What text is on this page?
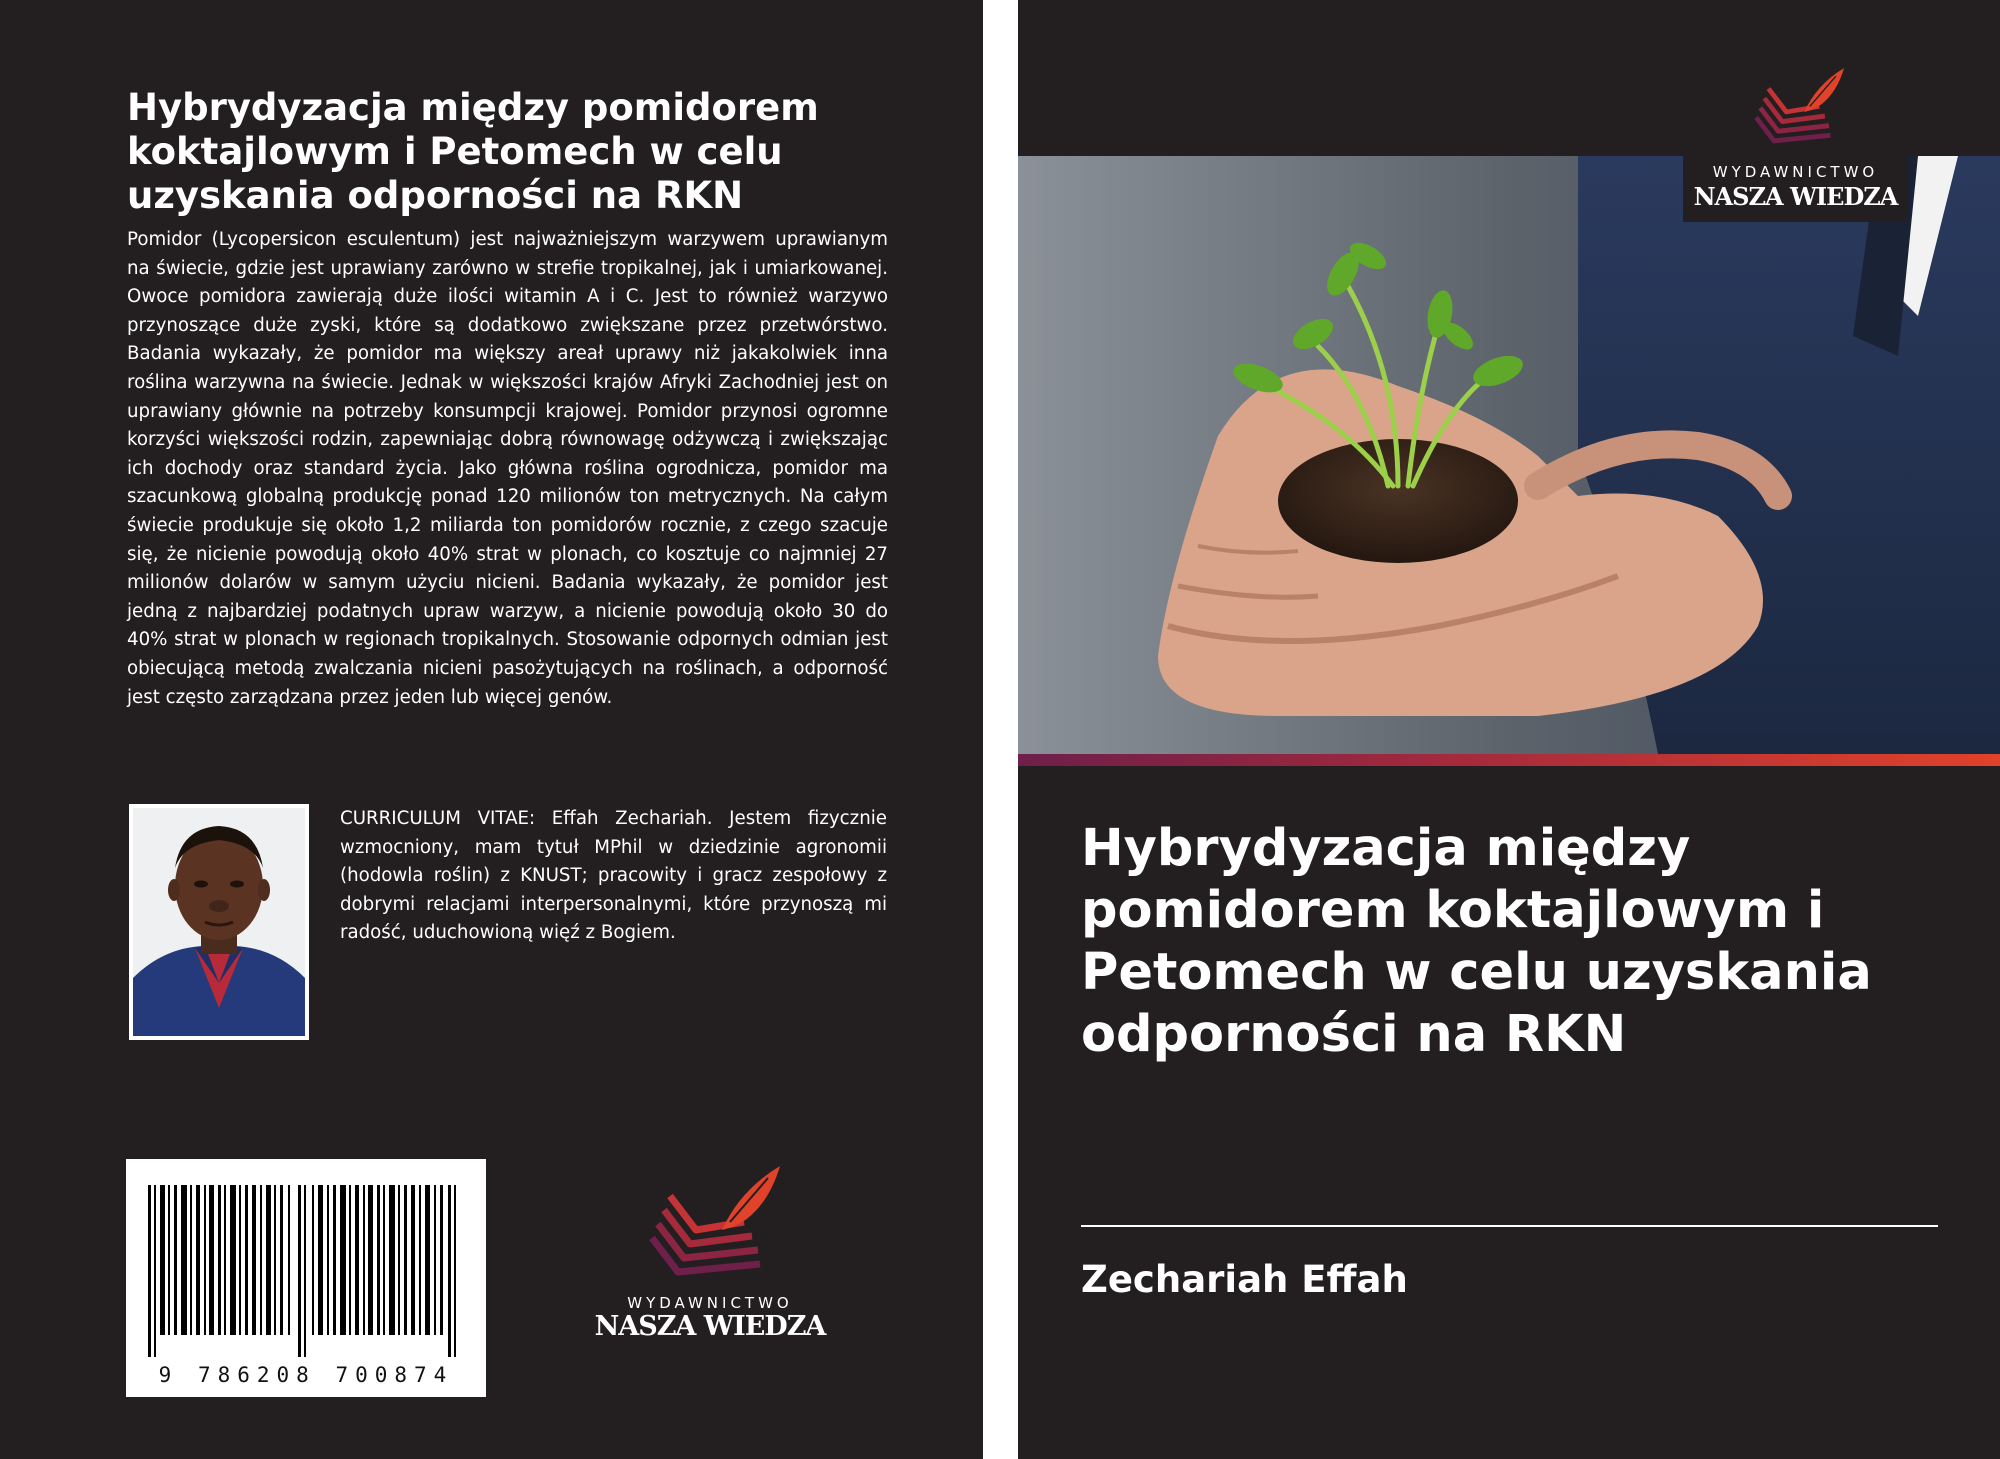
Hybrydyzacja między pomidorem koktajlowym i Petomech w celu uzyskania odporności na RKN

Pomidor (Lycopersicon esculentum) jest najważniejszym warzywem uprawianym na świecie, gdzie jest uprawiany zarówno w strefie tropikalnej, jak i umiarkowanej. Owoce pomidora zawierają duże ilości witamin A i C. Jest to również warzywo przynoszące duże zyski, które są dodatkowo zwiększane przez przetwórstwo. Badania wykazały, że pomidor ma większy areał uprawy niż jakakolwiek inna roślina warzywna na świecie. Jednak w większości krajów Afryki Zachodniej jest on uprawiany głównie na potrzeby konsumpcji krajowej. Pomidor przynosi ogromne korzyści większości rodzin, zapewniając dobrą równowagę odżywczą i zwiększając ich dochody oraz standard życia. Jako główna roślina ogrodnicza, pomidor ma szacunkową globalną produkcję ponad 120 milionów ton metrycznych. Na całym świecie produkuje się około 1,2 miliarda ton pomidorów rocznie, z czego szacuje się, że nicienie powodują około 40% strat w plonach, co kosztuje co najmniej 27 milionów dolarów w samym użyciu nicieni. Badania wykazały, że pomidor jest jedną z najbardziej podatnych upraw warzyw, a nicienie powodują około 30 do 40% strat w plonach w regionach tropikalnych. Stosowanie odpornych odmian jest obiecującą metodą zwalczania nicieni pasożytujących na roślinach, a odporność jest często zarządzana przez jeden lub więcej genów.

CURRICULUM VITAE: Effah Zechariah. Jestem fizycznie wzmocniony, mam tytuł MPhil w dziedzinie agronomii (hodowla roślin) z KNUST; pracowity i gracz zespołowy z dobrymi relacjami interpersonalnymi, które przynoszą mi radość, uduchowioną więź z Bogiem.

9 786208 700874
WYDAWNICTWO
NASZA WIEDZA
WYDAWNICTWO
NASZA WIEDZA
Hybrydyzacja między pomidorem koktajlowym i Petomech w celu uzyskania odporności na RKN

Zechariah Effah
